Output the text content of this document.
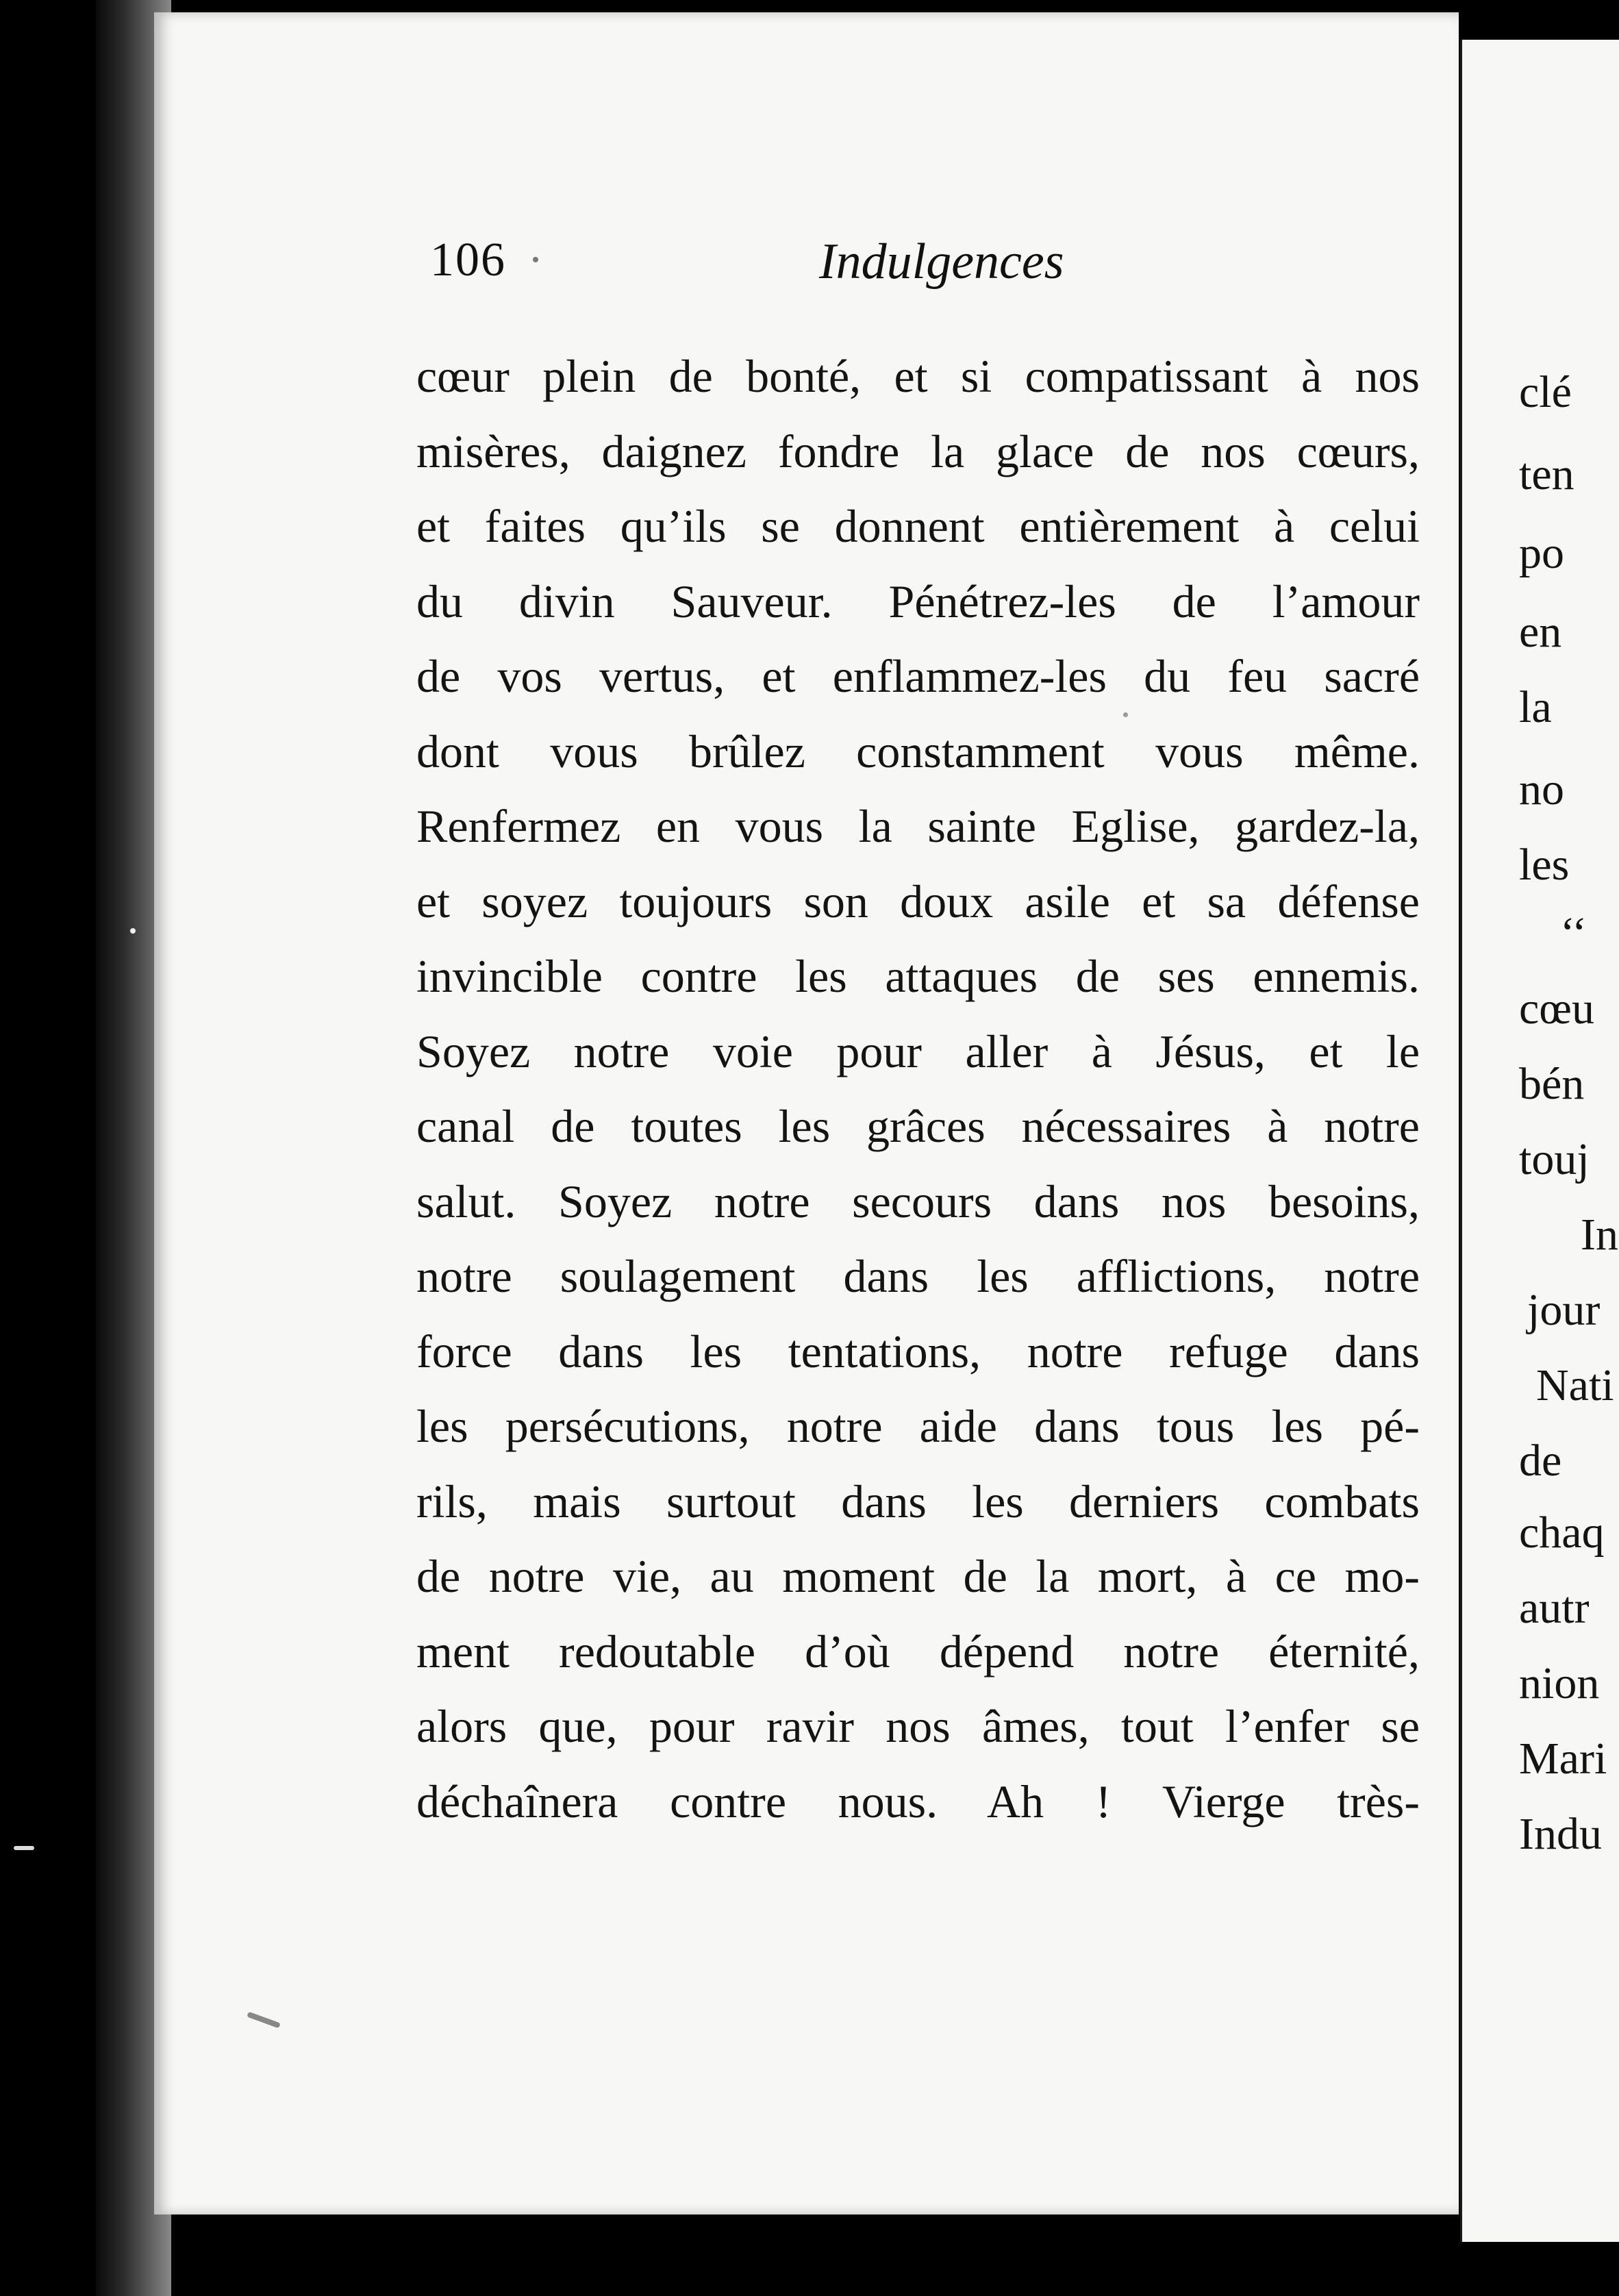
106	Indulgences
cœur plein de bonté, et si compatissant à nos
misères, daignez fondre la glace de nos cœurs,
et faites qu’ils se donnent entièrement à celui
du divin Sauveur. Pénétrez-les de l’amour
de vos vertus, et enflammez-les du feu sacré
dont vous brûlez constamment vous même.
Renfermez en vous la sainte Eglise, gardez-la,
et soyez toujours son doux asile et sa défense
invincible contre les attaques de ses ennemis.
Soyez notre voie pour aller à Jésus, et le
canal de toutes les grâces nécessaires à notre
salut. Soyez notre secours dans nos besoins,
notre soulagement dans les afflictions, notre
force dans les tentations, notre refuge dans
les persécutions, notre aide dans tous les pé-
rils, mais surtout dans les derniers combats
de notre vie, au moment de la mort, à ce mo-
ment redoutable d’où dépend notre éternité,
alors que, pour ravir nos âmes, tout l’enfer se
déchaînera contre nous. Ah ! Vierge très-
clé
ten
po
en
la
no
les
‘‘
cœu
bén
touj
In
jour
Nati
de
chaq
autr
nion
Mari
Indu
